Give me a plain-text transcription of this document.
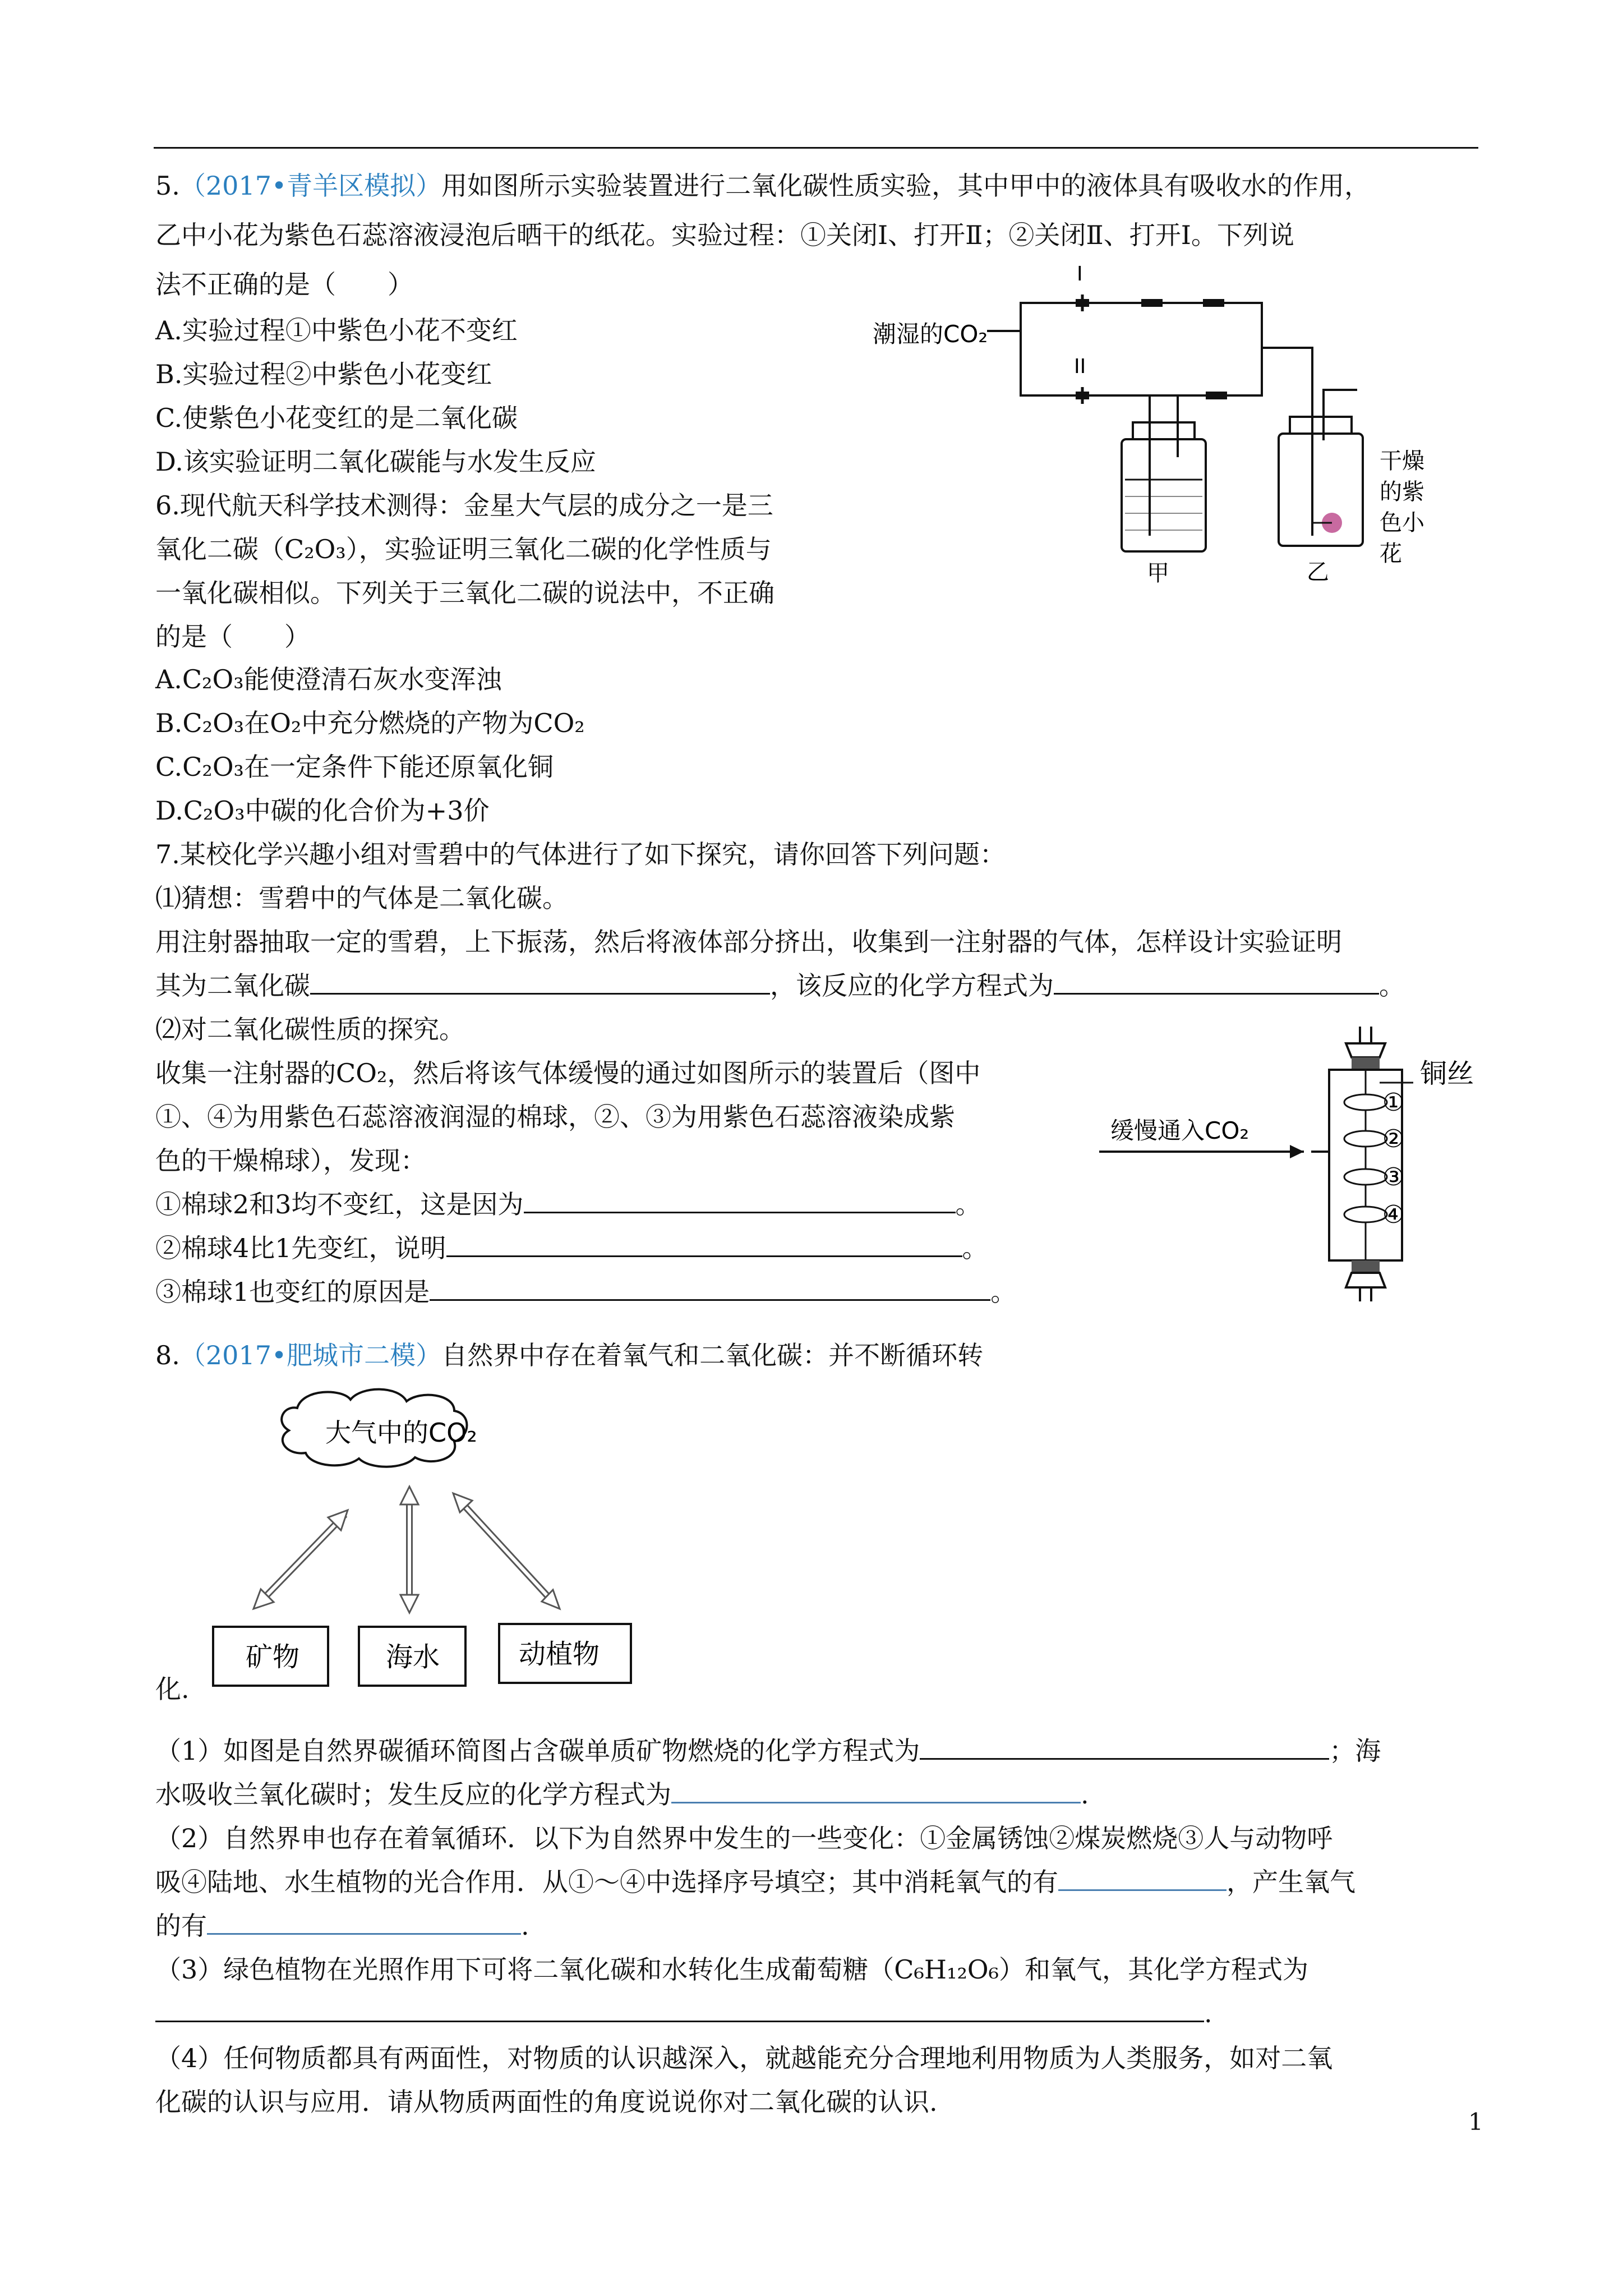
5.（2017•青羊区模拟）用如图所示实验装置进行二氧化碳性质实验，其中甲中的液体具有吸收水的作用，
乙中小花为紫色石蕊溶液浸泡后晒干的纸花。实验过程：①关闭Ⅰ、打开Ⅱ；②关闭Ⅱ、打开Ⅰ。下列说
法不正确的是（　　）
A.实验过程①中紫色小花不变红
B.实验过程②中紫色小花变红
C.使紫色小花变红的是二氧化碳
D.该实验证明二氧化碳能与水发生反应
潮湿的CO₂
I
II
甲	乙
干燥
的紫
色小
花
6.现代航天科学技术测得：金星大气层的成分之一是三
氧化二碳（C₂O₃），实验证明三氧化二碳的化学性质与
一氧化碳相似。下列关于三氧化二碳的说法中，不正确
的是（　　）
A.C₂O₃能使澄清石灰水变浑浊
B.C₂O₃在O₂中充分燃烧的产物为CO₂
C.C₂O₃在一定条件下能还原氧化铜
D.C₂O₃中碳的化合价为+3价
7.某校化学兴趣小组对雪碧中的气体进行了如下探究，请你回答下列问题：
⑴猜想：雪碧中的气体是二氧化碳。
用注射器抽取一定的雪碧，上下振荡，然后将液体部分挤出，收集到一注射器的气体，怎样设计实验证明
其为二氧化碳	，该反应的化学方程式为	。
⑵对二氧化碳性质的探究。
收集一注射器的CO₂，然后将该气体缓慢的通过如图所示的装置后（图中
①、④为用紫色石蕊溶液润湿的棉球，②、③为用紫色石蕊溶液染成紫
色的干燥棉球），发现：
①棉球2和3均不变红，这是因为	。
②棉球4比1先变红，说明	。
③棉球1也变红的原因是	。
缓慢通入CO₂
铜丝
①
②
③
④
8.（2017•肥城市二模）自然界中存在着氧气和二氧化碳：并不断循环转
大气中的CO₂
矿物	海水	动植物
化.
（1）如图是自然界碳循环简图占含碳单质矿物燃烧的化学方程式为	；海
水吸收兰氧化碳时；发生反应的化学方程式为	.
（2）自然界申也存在着氧循环．以下为自然界中发生的一些变化：①金属锈蚀②煤炭燃烧③人与动物呼
吸④陆地、水生植物的光合作用．从①～④中选择序号填空；其中消耗氧气的有	，产生氧气
的有	.
（3）绿色植物在光照作用下可将二氧化碳和水转化生成葡萄糖（C₆H₁₂O₆）和氧气，其化学方程式为
.
（4）任何物质都具有两面性，对物质的认识越深入，就越能充分合理地利用物质为人类服务，如对二氧
化碳的认识与应用．请从物质两面性的角度说说你对二氧化碳的认识.
1
